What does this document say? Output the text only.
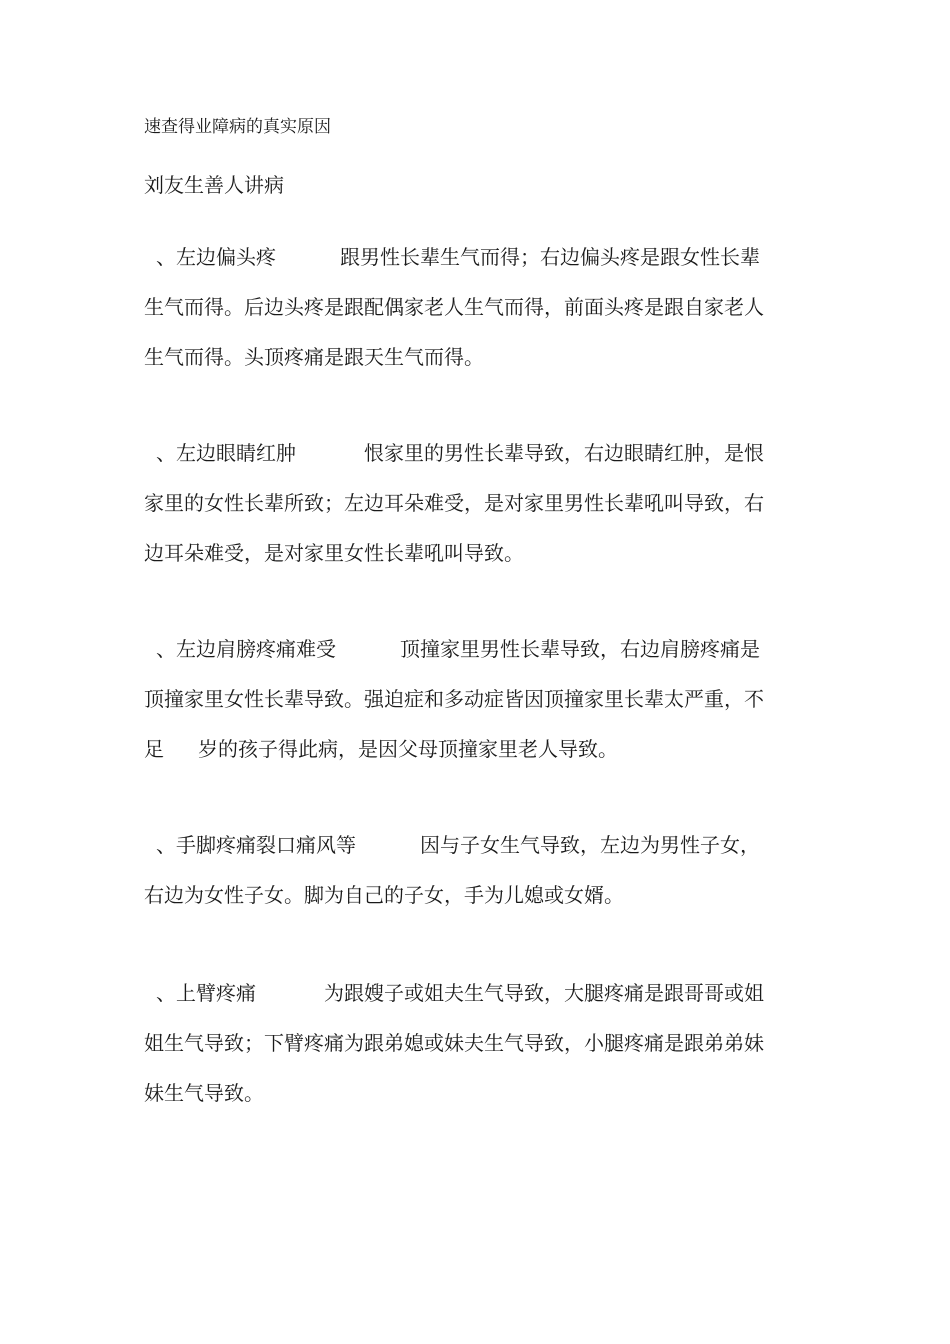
速查得业障病的真实原因
刘友生善人讲病
、左边偏头疼	跟男性长辈生气而得；右边偏头疼是跟女性长辈
生气而得。后边头疼是跟配偶家老人生气而得，前面头疼是跟自家老人
生气而得。头顶疼痛是跟天生气而得。
、左边眼睛红肿	恨家里的男性长辈导致，右边眼睛红肿，是恨
家里的女性长辈所致；左边耳朵难受，是对家里男性长辈吼叫导致，右
边耳朵难受，是对家里女性长辈吼叫导致。
、左边肩膀疼痛难受	顶撞家里男性长辈导致，右边肩膀疼痛是
顶撞家里女性长辈导致。强迫症和多动症皆因顶撞家里长辈太严重，不
足 岁的孩子得此病，是因父母顶撞家里老人导致。
、手脚疼痛裂口痛风等	因与子女生气导致，左边为男性子女，
右边为女性子女。脚为自己的子女，手为儿媳或女婿。
、上臂疼痛	为跟嫂子或姐夫生气导致，大腿疼痛是跟哥哥或姐
姐生气导致；下臂疼痛为跟弟媳或妹夫生气导致，小腿疼痛是跟弟弟妹
妹生气导致。
